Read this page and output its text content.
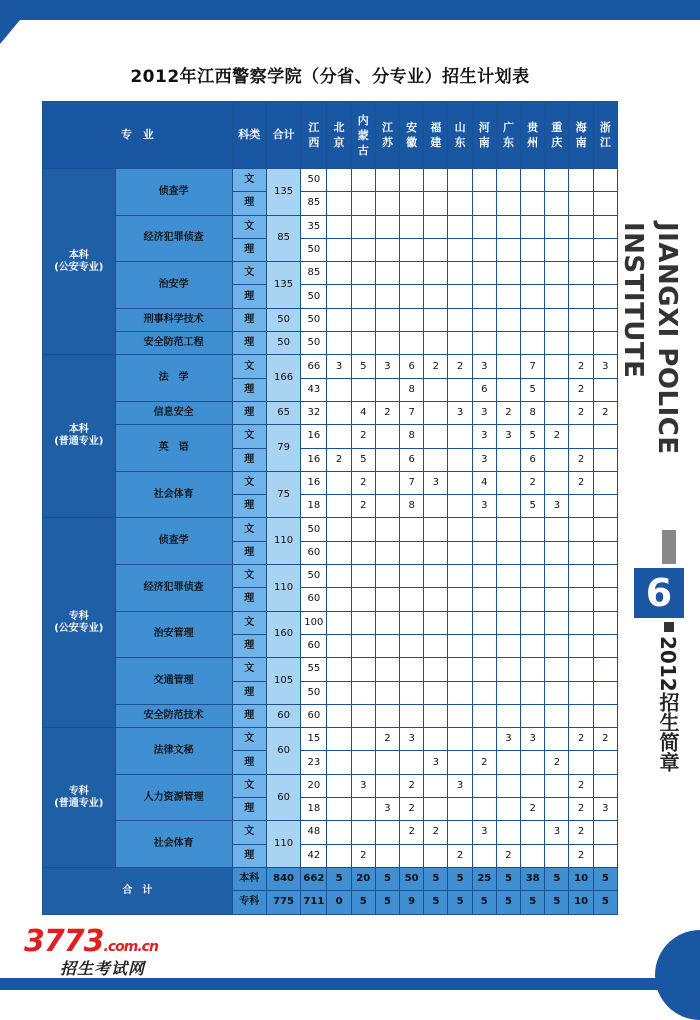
2012年江西警察学院（分省、分专业）招生计划表
专　业		科类	合计	江西	北京	内蒙古	江苏	安徽	福建	山东	河南	广东	贵州	重庆	海南	浙江
本科
(公安专业)	侦查学	文	135	50												
		理		85												
	经济犯罪侦查	文	85	35												
		理		50												
	治安学	文	135	85												
		理		50												
	刑事科学技术	理	50	50												
	安全防范工程	理	50	50												
本科
(普通专业)	法　学	文	166	66	3	5	3	6	2	2	3		7		2	3
		理		43				8			6		5		2	
	信息安全	理	65	32		4	2	7		3	3	2	8		2	2
	英　语	文	79	16		2		8			3	3	5	2		
		理		16	2	5		6			3		6		2	
	社会体育	文	75	16		2		7	3		4		2		2	
		理		18		2		8			3		5	3		
专科
(公安专业)	侦查学	文	110	50												
		理		60												
	经济犯罪侦查	文	110	50												
		理		60												
	治安管理	文	160	100												
		理		60												
	交通管理	文	105	55												
		理		50												
	安全防范技术	理	60	60												
专科
(普通专业)	法律文秘	文	60	15			2	3				3	3		2	2
		理		23					3		2			2		
	人力资源管理	文	60	20		3		2		3					2	
		理		18			3	2					2		2	3
	社会体育	文	110	48				2	2		3			3	2	
		理		42		2				2		2			2	
合　计		本科	840	662	5	20	5	50	5	5	25	5	38	5	10	5
		专科	775	711	0	5	5	9	5	5	5	5	5	5	10	5
JIANGXI POLICE INSTITUTE
6
2012招生简章
3773.com.cn
招生考试网
